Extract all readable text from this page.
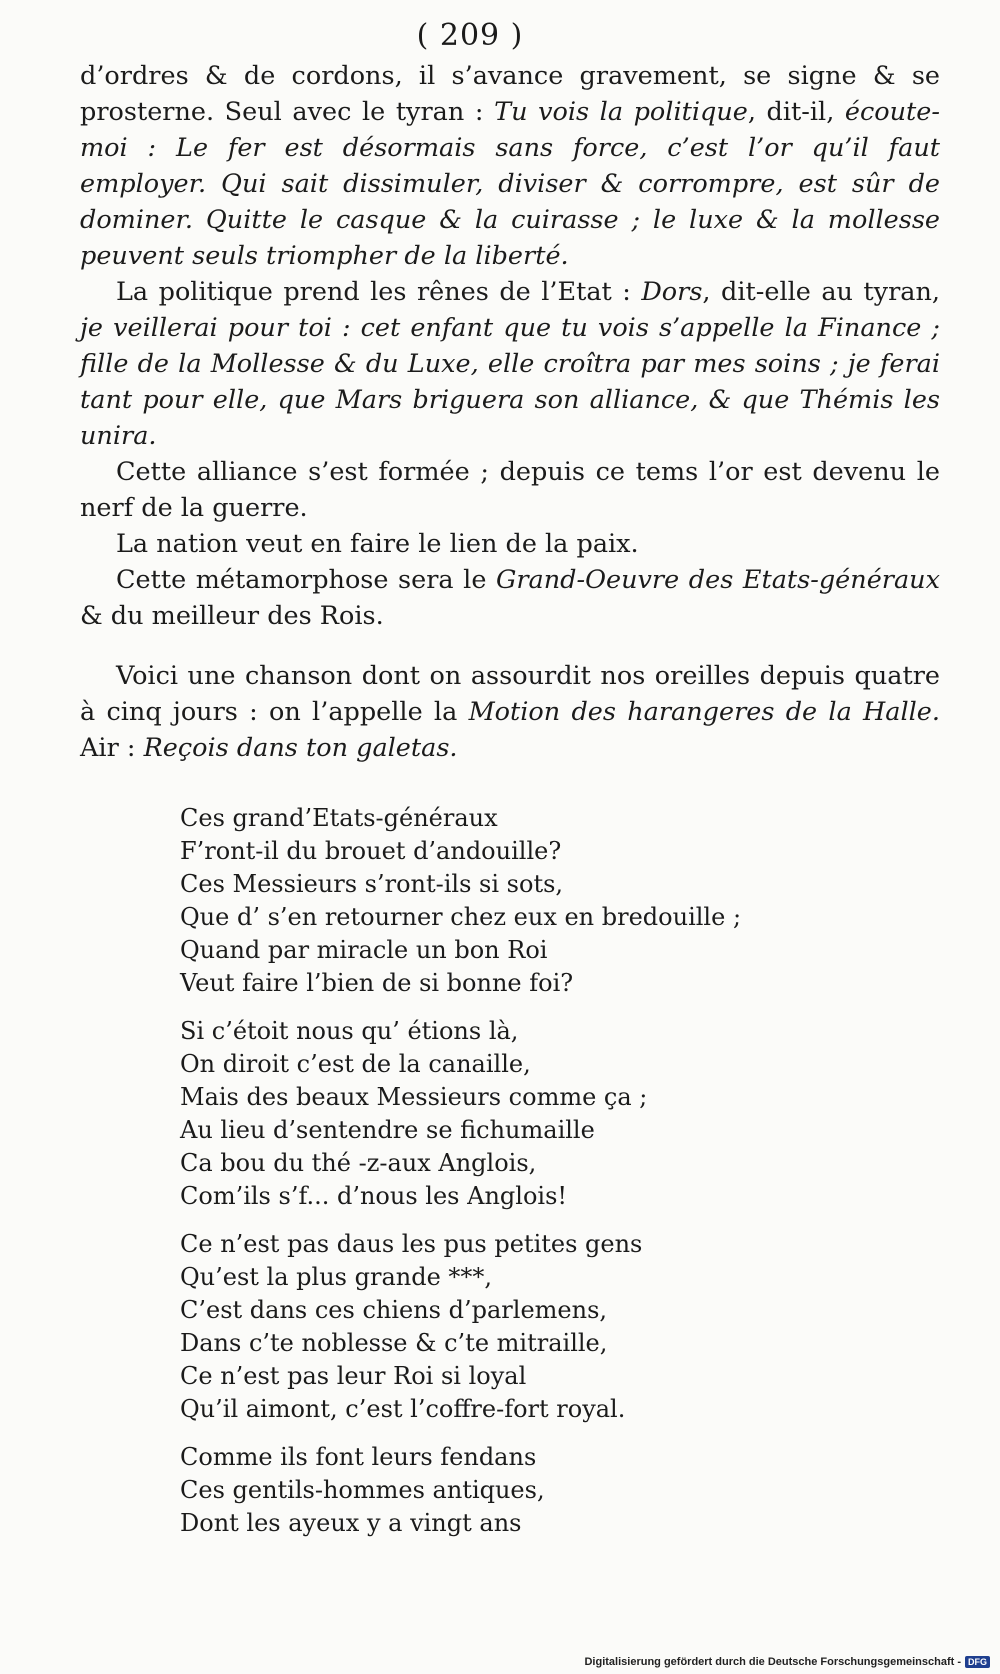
( 209 )

d’ordres & de cordons, il s’avance gravement, se signe & se prosterne. Seul avec le tyran : Tu vois la politique, dit-il, écoute-moi : Le fer est désormais sans force, c’est l’or qu’il faut employer. Qui sait dissimuler, diviser & corrompre, est sûr de dominer. Quitte le casque & la cuirasse ; le luxe & la mollesse peuvent seuls triompher de la liberté.

La politique prend les rênes de l’Etat : Dors, dit-elle au tyran, je veillerai pour toi : cet enfant que tu vois s’appelle la Finance ; fille de la Mollesse & du Luxe, elle croîtra par mes soins ; je ferai tant pour elle, que Mars briguera son alliance, & que Thémis les unira.

Cette alliance s’est formée ; depuis ce tems l’or est devenu le nerf de la guerre.

La nation veut en faire le lien de la paix.

Cette métamorphose sera le Grand-Oeuvre des Etats-généraux & du meilleur des Rois.

Voici une chanson dont on assourdit nos oreilles depuis quatre à cinq jours : on l’appelle la Motion des harangeres de la Halle. Air : Reçois dans ton galetas.

Ces grand’Etats-généraux
F’ront-il du brouet d’andouille?
Ces Messieurs s’ront-ils si sots,
Que d’ s’en retourner chez eux en bredouille ;
Quand par miracle un bon Roi
Veut faire l’bien de si bonne foi?
Si c’étoit nous qu’ étions là,
On diroit c’est de la canaille,
Mais des beaux Messieurs comme ça ;
Au lieu d’sentendre se fichumaille
Ca bou du thé -z-aux Anglois,
Com’ils s’f... d’nous les Anglois!
Ce n’est pas daus les pus petites gens
Qu’est la plus grande ***,
C’est dans ces chiens d’parlemens,
Dans c’te noblesse & c’te mitraille,
Ce n’est pas leur Roi si loyal
Qu’il aimont, c’est l’coffre-fort royal.
Comme ils font leurs fendans
Ces gentils-hommes antiques,
Dont les ayeux y a vingt ans
Digitalisierung gefördert durch die Deutsche Forschungsgemeinschaft - DFG
